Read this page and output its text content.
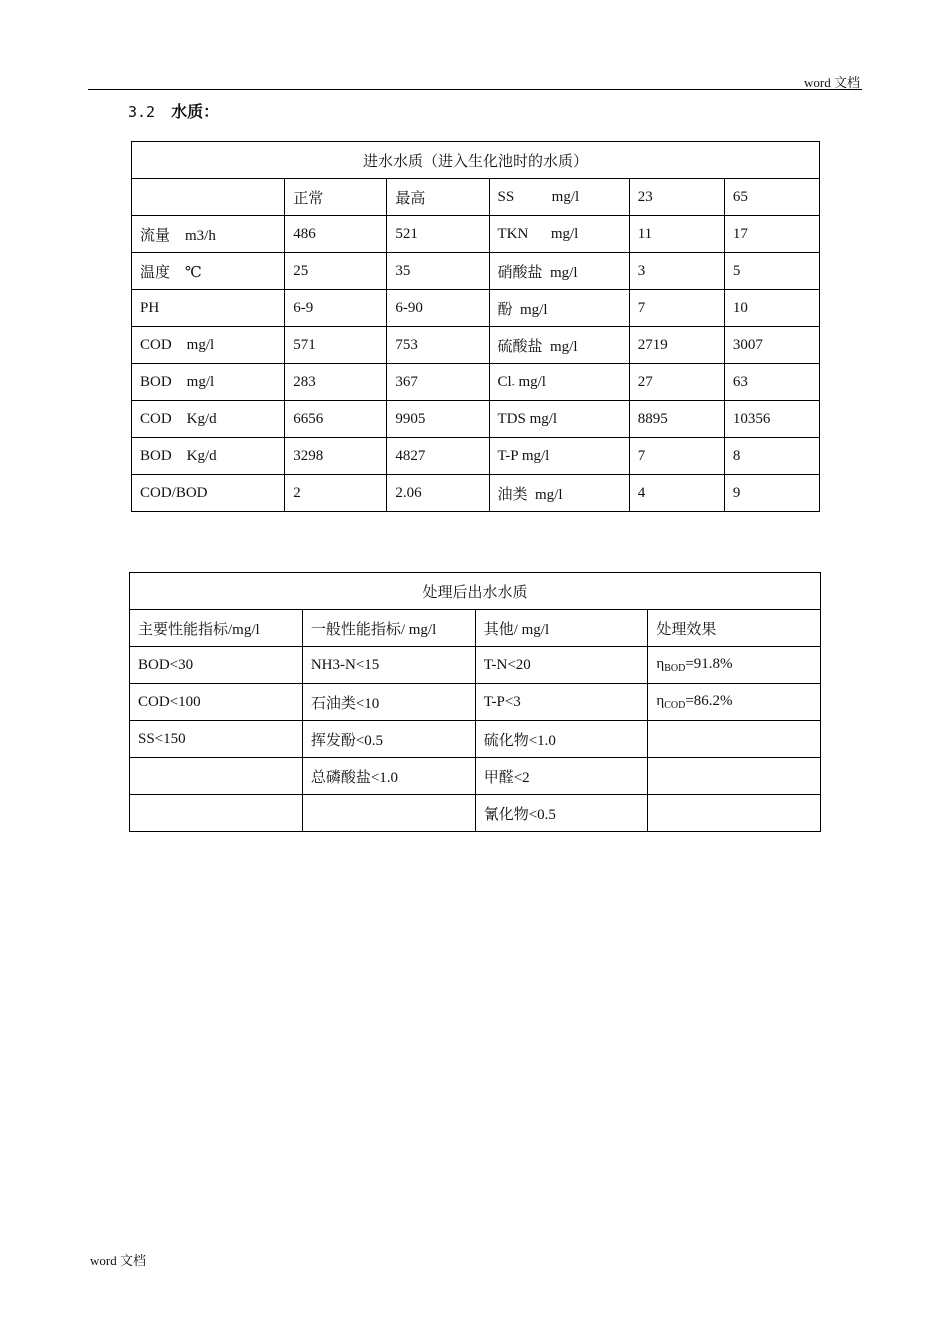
word 文档
3.2 水质：
进水水质（进入生化池时的水质）					
	正常	最高	SS          mg/l	23	65
流量    m3/h	486	521	TKN      mg/l	11	17
温度    ℃	25	35	硝酸盐  mg/l	3	5
PH	6-9	6-90	酚  mg/l	7	10
COD    mg/l	571	753	硫酸盐  mg/l	2719	3007
BOD    mg/l	283	367	Cl- mg/l	27	63
COD    Kg/d	6656	9905	TDS mg/l	8895	10356
BOD    Kg/d	3298	4827	T-P mg/l	7	8
COD/BOD	2	2.06	油类  mg/l	4	9
处理后出水水质			
主要性能指标/mg/l	一般性能指标/ mg/l	其他/ mg/l	处理效果
BOD<30	NH3-N<15	T-N<20	$\eta_{BOD}=91.8\%$
COD<100	石油类<10	T-P<3	$\eta_{COD}=86.2\%$
SS<150	挥发酚<0.5	硫化物<1.0	
	总磷酸盐<1.0	甲醛<2	
		氰化物<0.5	
word 文档
